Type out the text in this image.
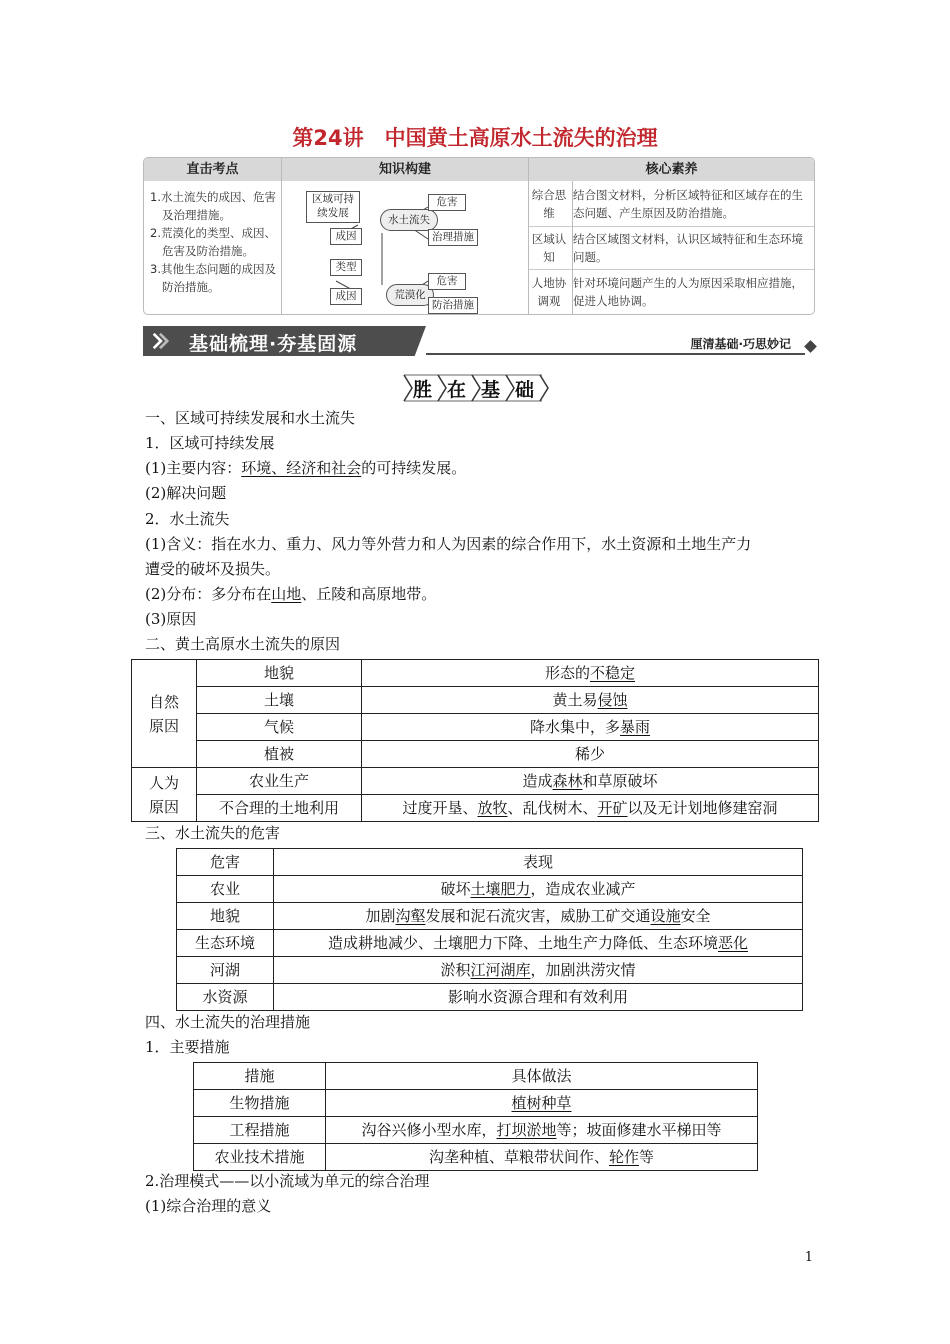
第24讲　中国黄土高原水土流失的治理
直击考点	知识构建	核心素养
1.水土流失的成因、危害及治理措施。
2.荒漠化的类型、成因、危害及防治措施。
3.其他生态问题的成因及防治措施。
区域可持续发展
成因
水土流失
危害
治理措施
类型
成因	荒漠化
危害
防治措施
综合思维
结合图文材料，分析区域特征和区域存在的生态问题、产生原因及防治措施。
区域认知
结合区域图文材料，认识区域特征和生态环境问题。
人地协调观
针对环境问题产生的人为原因采取相应措施，促进人地协调。
基础梳理·夯基固源	厘清基础·巧思妙记
胜 在 基 础
一、区域可持续发展和水土流失
1．区域可持续发展
(1)主要内容：环境、经济和社会的可持续发展。
(2)解决问题
2．水土流失
(1)含义：指在水力、重力、风力等外营力和人为因素的综合作用下，水土资源和土地生产力
遭受的破坏及损失。
(2)分布：多分布在山地、丘陵和高原地带。
(3)原因
二、黄土高原水土流失的原因
自然原因	地貌	形态的不稳定
	土壤	黄土易侵蚀
	气候	降水集中，多暴雨
	植被	稀少

人为原因	农业生产	造成森林和草原破坏
	不合理的土地利用	过度开垦、放牧、乱伐树木、开矿以及无计划地修建窑洞
三、水土流失的危害
危害	表现
农业	破坏土壤肥力，造成农业减产
地貌	加剧沟壑发展和泥石流灾害，威胁工矿交通设施安全
生态环境	造成耕地减少、土壤肥力下降、土地生产力降低、生态环境恶化
河湖	淤积江河湖库，加剧洪涝灾情
水资源	影响水资源合理和有效利用
四、水土流失的治理措施
1．主要措施
措施	具体做法
生物措施	植树种草
工程措施	沟谷兴修小型水库，打坝淤地等；坡面修建水平梯田等
农业技术措施	沟垄种植、草粮带状间作、轮作等
2.治理模式——以小流域为单元的综合治理
(1)综合治理的意义
1
